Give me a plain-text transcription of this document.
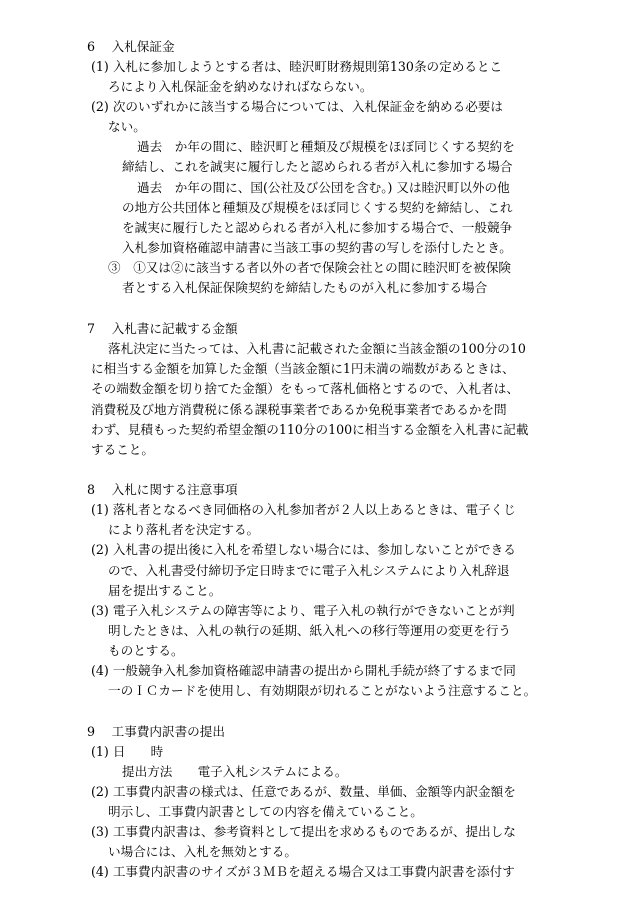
6　 入札保証金
(1) 入札に参加しようとする者は、睦沢町財務規則第130条の定めるとこ
ろにより入札保証金を納めなければならない。
(2) 次のいずれかに該当する場合については、入札保証金を納める必要は
ない。
過去　か年の間に、睦沢町と種類及び規模をほぼ同じくする契約を
締結し、これを誠実に履行したと認められる者が入札に参加する場合
過去　か年の間に、国(公社及び公団を含む。) 又は睦沢町以外の他
の地方公共団体と種類及び規模をほぼ同じくする契約を締結し、これ
を誠実に履行したと認められる者が入札に参加する場合で、一般競争
入札参加資格確認申請書に当該工事の契約書の写しを添付したとき。
③　①又は②に該当する者以外の者で保険会社との間に睦沢町を被保険
者とする入札保証保険契約を締結したものが入札に参加する場合
7　 入札書に記載する金額
落札決定に当たっては、入札書に記載された金額に当該金額の100分の10
に相当する金額を加算した金額（当該金額に1円未満の端数があるときは、
その端数金額を切り捨てた金額）をもって落札価格とするので、入札者は、
消費税及び地方消費税に係る課税事業者であるか免税事業者であるかを問
わず、見積もった契約希望金額の110分の100に相当する金額を入札書に記載
すること。
8　 入札に関する注意事項
(1) 落札者となるべき同価格の入札参加者が２人以上あるときは、電子くじ
により落札者を決定する。
(2) 入札書の提出後に入札を希望しない場合には、参加しないことができる
ので、入札書受付締切予定日時までに電子入札システムにより入札辞退
届を提出すること。
(3) 電子入札システムの障害等により、電子入札の執行ができないことが判
明したときは、入札の執行の延期、紙入札への移行等運用の変更を行う
ものとする。
(4) 一般競争入札参加資格確認申請書の提出から開札手続が終了するまで同
一のＩＣカードを使用し、有効期限が切れることがないよう注意すること。
9　 工事費内訳書の提出
(1) 日　　時
提出方法　　電子入札システムによる。
(2) 工事費内訳書の様式は、任意であるが、数量、単価、金額等内訳金額を
明示し、工事費内訳書としての内容を備えていること。
(3) 工事費内訳書は、参考資料として提出を求めるものであるが、提出しな
い場合には、入札を無効とする。
(4) 工事費内訳書のサイズが３ＭＢを超える場合又は工事費内訳書を添付す
